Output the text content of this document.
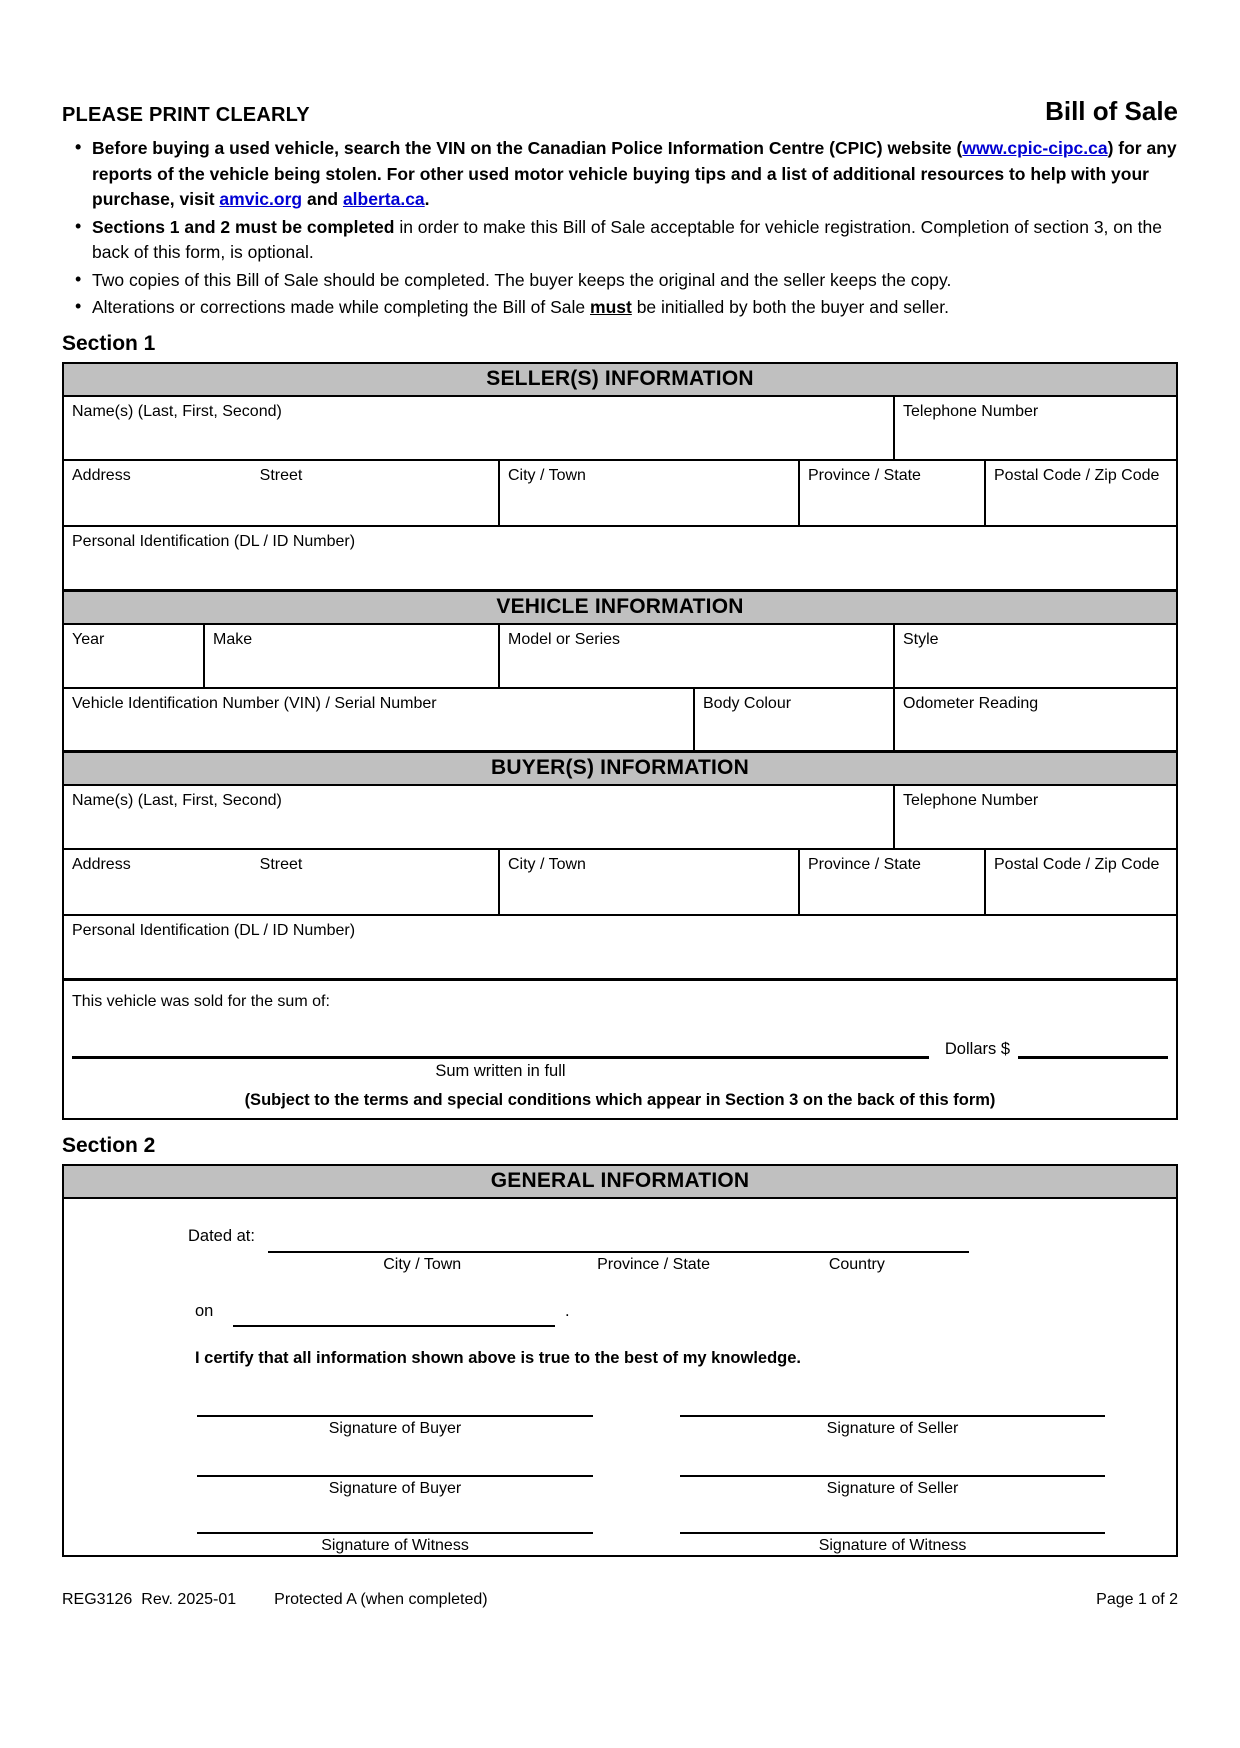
PLEASE PRINT CLEARLY	Bill of Sale
• Before buying a used vehicle, search the VIN on the Canadian Police Information Centre (CPIC) website (www.cpic-cipc.ca) for any reports of the vehicle being stolen. For other used motor vehicle buying tips and a list of additional resources to help with your purchase, visit amvic.org and alberta.ca.
• Sections 1 and 2 must be completed in order to make this Bill of Sale acceptable for vehicle registration. Completion of section 3, on the back of this form, is optional.
• Two copies of this Bill of Sale should be completed. The buyer keeps the original and the seller keeps the copy.
• Alterations or corrections made while completing the Bill of Sale must be initialled by both the buyer and seller.
Section 1
SELLER(S) INFORMATION
Name(s) (Last, First, Second)	Telephone Number
Address	Street	City / Town	Province / State	Postal Code / Zip Code
Personal Identification (DL / ID Number)
VEHICLE INFORMATION
Year	Make	Model or Series	Style
Vehicle Identification Number (VIN) / Serial Number	Body Colour	Odometer Reading
BUYER(S) INFORMATION
Name(s) (Last, First, Second)	Telephone Number
Address	Street	City / Town	Province / State	Postal Code / Zip Code
Personal Identification (DL / ID Number)
This vehicle was sold for the sum of:
Sum written in full
Dollars $
(Subject to the terms and special conditions which appear in Section 3 on the back of this form)
Section 2
GENERAL INFORMATION
Dated at:
City / Town	Province / State	Country
on	.
I certify that all information shown above is true to the best of my knowledge.
Signature of Buyer	Signature of Seller
Signature of Buyer	Signature of Seller
Signature of Witness	Signature of Witness
REG3126 Rev. 2025-01 Protected A (when completed)	Page 1 of 2
